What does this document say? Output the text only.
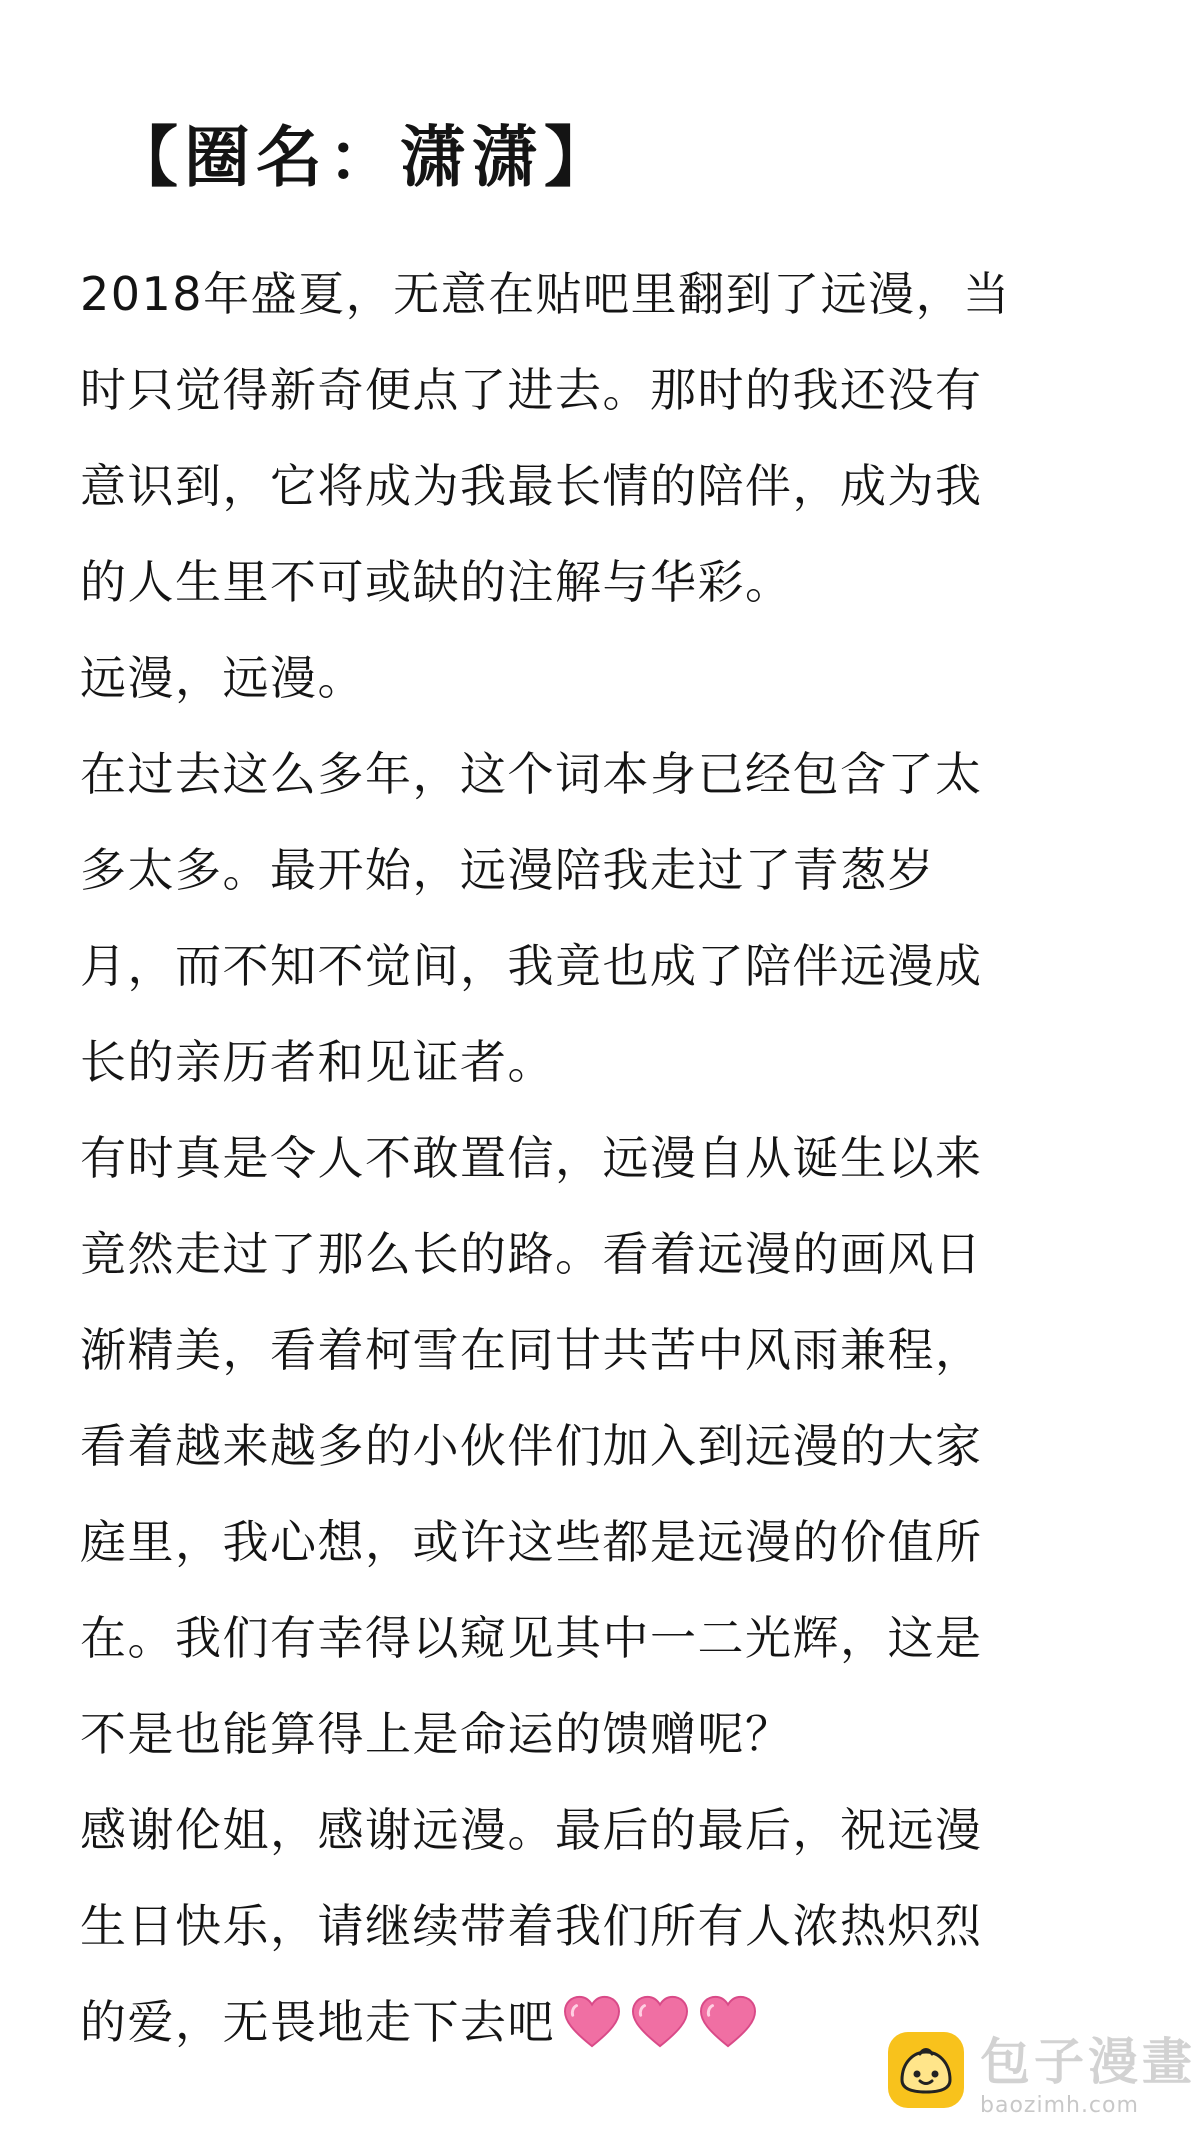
【圈名：潇潇】
2018年盛夏，无意在贴吧里翻到了远漫，当
时只觉得新奇便点了进去。那时的我还没有
意识到，它将成为我最长情的陪伴，成为我
的人生里不可或缺的注解与华彩。
远漫，远漫。
在过去这么多年，这个词本身已经包含了太
多太多。最开始，远漫陪我走过了青葱岁
月，而不知不觉间，我竟也成了陪伴远漫成
长的亲历者和见证者。
有时真是令人不敢置信，远漫自从诞生以来
竟然走过了那么长的路。看着远漫的画风日
渐精美，看着柯雪在同甘共苦中风雨兼程，
看着越来越多的小伙伴们加入到远漫的大家
庭里，我心想，或许这些都是远漫的价值所
在。我们有幸得以窥见其中一二光辉，这是
不是也能算得上是命运的馈赠呢？
感谢伦姐，感谢远漫。最后的最后，祝远漫
生日快乐，请继续带着我们所有人浓热炽烈
的爱，无畏地走下去吧
包子漫畫
baozimh.com
